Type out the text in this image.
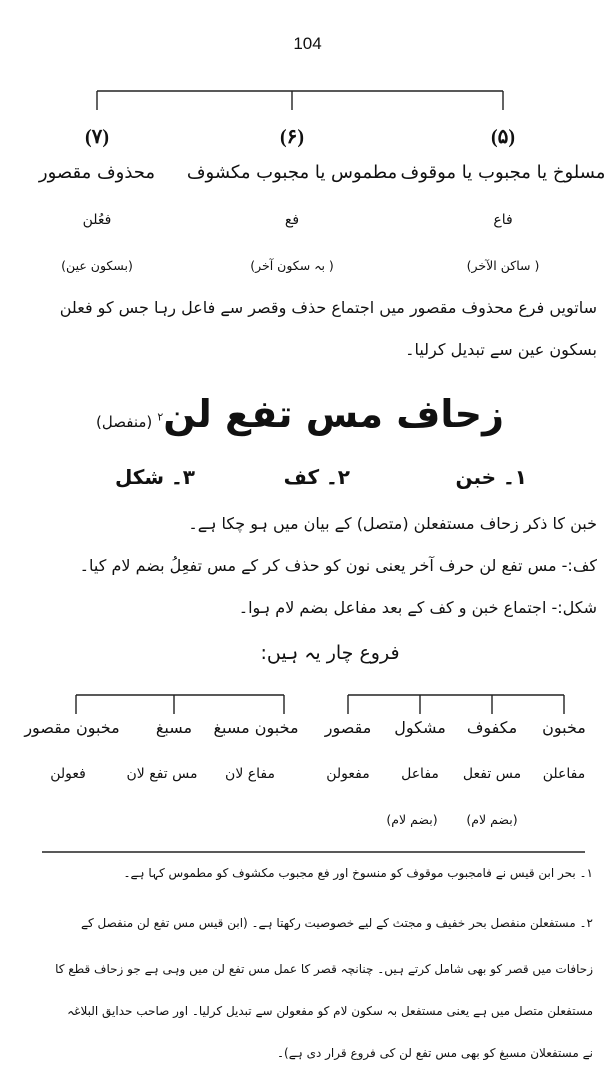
104
(۵)
مسلوخ یا مجبوب یا موقوف
فاع
( ساکن الآخر)
(۶)
مطموس یا مجبوب مکشوف
فع
( بہ سکون آخر)
(۷)
محذوف مقصور
فعُلن
(بسکون عین)
ساتویں فرع محذوف مقصور میں اجتماع حذف وقصر سے فاعل رہا جس کو فعلن
بسکون عین سے تبدیل کرلیا۔
زحاف مس تفع لن$^۲$ (منفصل)
۱۔ خبن
۲۔ کف
۳۔ شکل
خبن کا ذکر زحاف مستفعلن (متصل) کے بیان میں ہو چکا ہے۔
کف:- مس تفع لن حرف آخر یعنی نون کو حذف کر کے مس تفعِلُ بضم لام کیا۔
شکل:- اجتماع خبن و کف کے بعد مفاعل بضم لام ہوا۔
فروع چار یہ ہیں:
مخبون
مفاعلن
مکفوف
مس تفعل
(بضم لام)
مشکول
مفاعل
(بضم لام)
مقصور
مفعولن
مخبون مسبغ
مفاع لان
مسبغ
مس تفع لان
مخبون مقصور
فعولن
۱۔ بحر ابن قیس نے فامجبوب موقوف کو منسوخ اور فع مجبوب مکشوف کو مطموس کہا ہے۔
۲۔ مستفعلن منفصل بحر خفیف و مجتث کے لیے خصوصیت رکھتا ہے۔ (ابن قیس مس تفع لن منفصل کے
زحافات میں قصر کو بھی شامل کرتے ہیں۔ چنانچہ قصر کا عمل مس تفع لن میں وہی ہے جو زحاف قطع کا
مستفعلن متصل میں ہے یعنی مستفعل بہ سکون لام کو مفعولن سے تبدیل کرلیا۔ اور صاحب حدایق البلاغہ
نے مستفعلان مسبغ کو بھی مس تفع لن کی فروع قرار دی ہے)۔
